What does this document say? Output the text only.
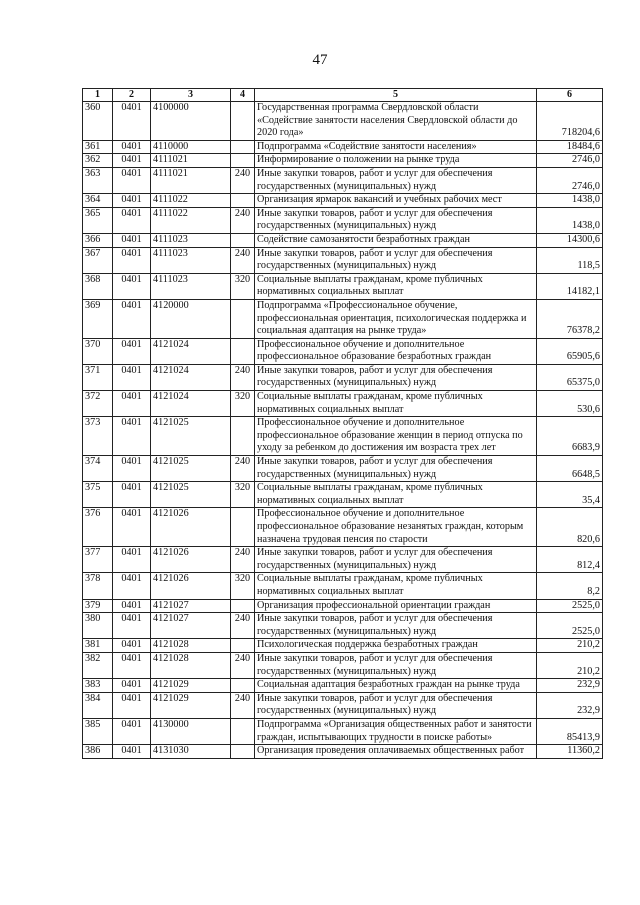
47
1	2	3	4	5	6
360	0401	4100000		Государственная программа Свердловской области «Содействие занятости населения Свердловской области до 2020 года»	718204,6
361	0401	4110000		Подпрограмма «Содействие занятости населения»	18484,6
362	0401	4111021		Информирование о положении на рынке труда	2746,0
363	0401	4111021	240	Иные закупки товаров, работ и услуг для обеспечения государственных (муниципальных) нужд	2746,0
364	0401	4111022		Организация ярмарок вакансий и учебных рабочих мест	1438,0
365	0401	4111022	240	Иные закупки товаров, работ и услуг для обеспечения государственных (муниципальных) нужд	1438,0
366	0401	4111023		Содействие самозанятости безработных граждан	14300,6
367	0401	4111023	240	Иные закупки товаров, работ и услуг для обеспечения государственных (муниципальных) нужд	118,5
368	0401	4111023	320	Социальные выплаты гражданам, кроме публичных нормативных социальных выплат	14182,1
369	0401	4120000		Подпрограмма «Профессиональное обучение, профессиональная ориентация, психологическая поддержка и социальная адаптация на рынке труда»	76378,2
370	0401	4121024		Профессиональное обучение и дополнительное профессиональное образование безработных граждан	65905,6
371	0401	4121024	240	Иные закупки товаров, работ и услуг для обеспечения государственных (муниципальных) нужд	65375,0
372	0401	4121024	320	Социальные выплаты гражданам, кроме публичных нормативных социальных выплат	530,6
373	0401	4121025		Профессиональное обучение и дополнительное профессиональное образование женщин в период отпуска по уходу за ребенком до достижения им возраста трех лет	6683,9
374	0401	4121025	240	Иные закупки товаров, работ и услуг для обеспечения государственных (муниципальных) нужд	6648,5
375	0401	4121025	320	Социальные выплаты гражданам, кроме публичных нормативных социальных выплат	35,4
376	0401	4121026		Профессиональное обучение и дополнительное профессиональное образование незанятых граждан, которым назначена трудовая пенсия по старости	820,6
377	0401	4121026	240	Иные закупки товаров, работ и услуг для обеспечения государственных (муниципальных) нужд	812,4
378	0401	4121026	320	Социальные выплаты гражданам, кроме публичных нормативных социальных выплат	8,2
379	0401	4121027		Организация профессиональной ориентации граждан	2525,0
380	0401	4121027	240	Иные закупки товаров, работ и услуг для обеспечения государственных (муниципальных) нужд	2525,0
381	0401	4121028		Психологическая поддержка безработных граждан	210,2
382	0401	4121028	240	Иные закупки товаров, работ и услуг для обеспечения государственных (муниципальных) нужд	210,2
383	0401	4121029		Социальная адаптация безработных граждан на рынке труда	232,9
384	0401	4121029	240	Иные закупки товаров, работ и услуг для обеспечения государственных (муниципальных) нужд	232,9
385	0401	4130000		Подпрограмма «Организация общественных работ и занятости граждан, испытывающих трудности в поиске работы»	85413,9
386	0401	4131030		Организация проведения оплачиваемых общественных работ	11360,2
